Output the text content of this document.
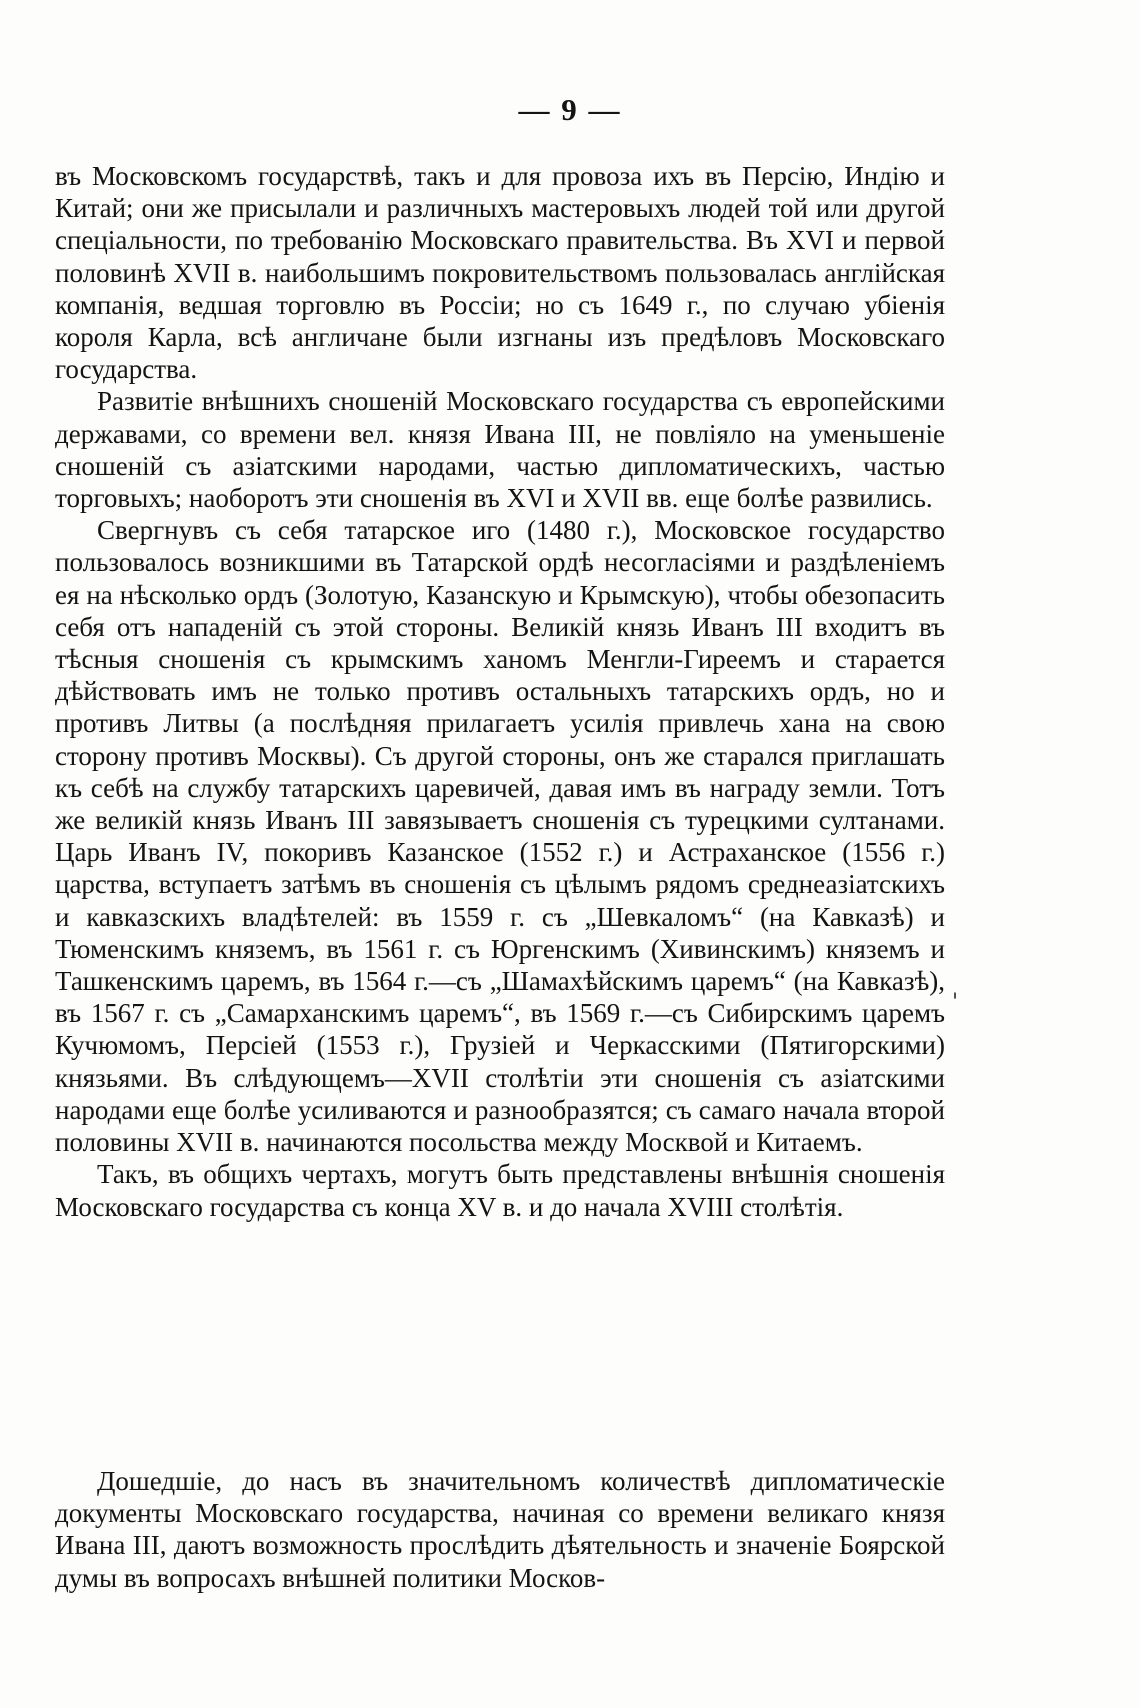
— 9 —

въ Московскомъ государствѣ, такъ и для провоза ихъ въ Персію, Индію и Китай; они же присылали и различныхъ мастеровыхъ людей той или другой спеціальности, по требованію Московскаго правительства. Въ XVI и первой половинѣ XVII в. наибольшимъ покровительствомъ пользовалась англійская компанія, ведшая торговлю въ Россіи; но съ 1649 г., по случаю убіенія короля Карла, всѣ англичане были изгнаны изъ предѣловъ Московскаго государства.

Развитіе внѣшнихъ сношеній Московскаго государства съ европейскими державами, со времени вел. князя Ивана III, не повліяло на уменьшеніе сношеній съ азіатскими народами, частью дипломатическихъ, частью торговыхъ; наоборотъ эти сношенія въ XVI и XVII вв. еще болѣе развились.

Свергнувъ съ себя татарское иго (1480 г.), Московское государство пользовалось возникшими въ Татарской ордѣ несогласіями и раздѣленіемъ ея на нѣсколько ордъ (Золотую, Казанскую и Крымскую), чтобы обезопасить себя отъ нападеній съ этой стороны. Великій князь Иванъ III входитъ въ тѣсныя сношенія съ крымскимъ ханомъ Менгли-Гиреемъ и старается дѣйствовать имъ не только противъ остальныхъ татарскихъ ордъ, но и противъ Литвы (а послѣдняя прилагаетъ усилія привлечь хана на свою сторону противъ Москвы). Съ другой стороны, онъ же старался приглашать къ себѣ на службу татарскихъ царевичей, давая имъ въ награду земли. Тотъ же великій князь Иванъ III завязываетъ сношенія съ турецкими султанами. Царь Иванъ IV, покоривъ Казанское (1552 г.) и Астраханское (1556 г.) царства, вступаетъ затѣмъ въ сношенія съ цѣлымъ рядомъ среднеазіатскихъ и кавказскихъ владѣтелей: въ 1559 г. съ „Шевкаломъ“ (на Кавказѣ) и Тюменскимъ княземъ, въ 1561 г. съ Юргенскимъ (Хивинскимъ) княземъ и Ташкенскимъ царемъ, въ 1564 г.—съ „Шамахѣйскимъ царемъ“ (на Кавказѣ), въ 1567 г. съ „Самарханскимъ царемъ“, въ 1569 г.—съ Сибирскимъ царемъ Кучюмомъ, Персіей (1553 г.), Грузіей и Черкасскими (Пятигорскими) князьями. Въ слѣдующемъ—XVII столѣтіи эти сношенія съ азіатскими народами еще болѣе усиливаются и разнообразятся; съ самаго начала второй половины XVII в. начинаются посольства между Москвой и Китаемъ.

Такъ, въ общихъ чертахъ, могутъ быть представлены внѣшнія сношенія Московскаго государства съ конца XV в. и до начала XVIII столѣтія.

'

Дошедшіе, до насъ въ значительномъ количествѣ дипломатическіе документы Московскаго государства, начиная со времени великаго князя Ивана III, даютъ возможность прослѣдить дѣятельность и значеніе Боярской думы въ вопросахъ внѣшней политики Москов-
